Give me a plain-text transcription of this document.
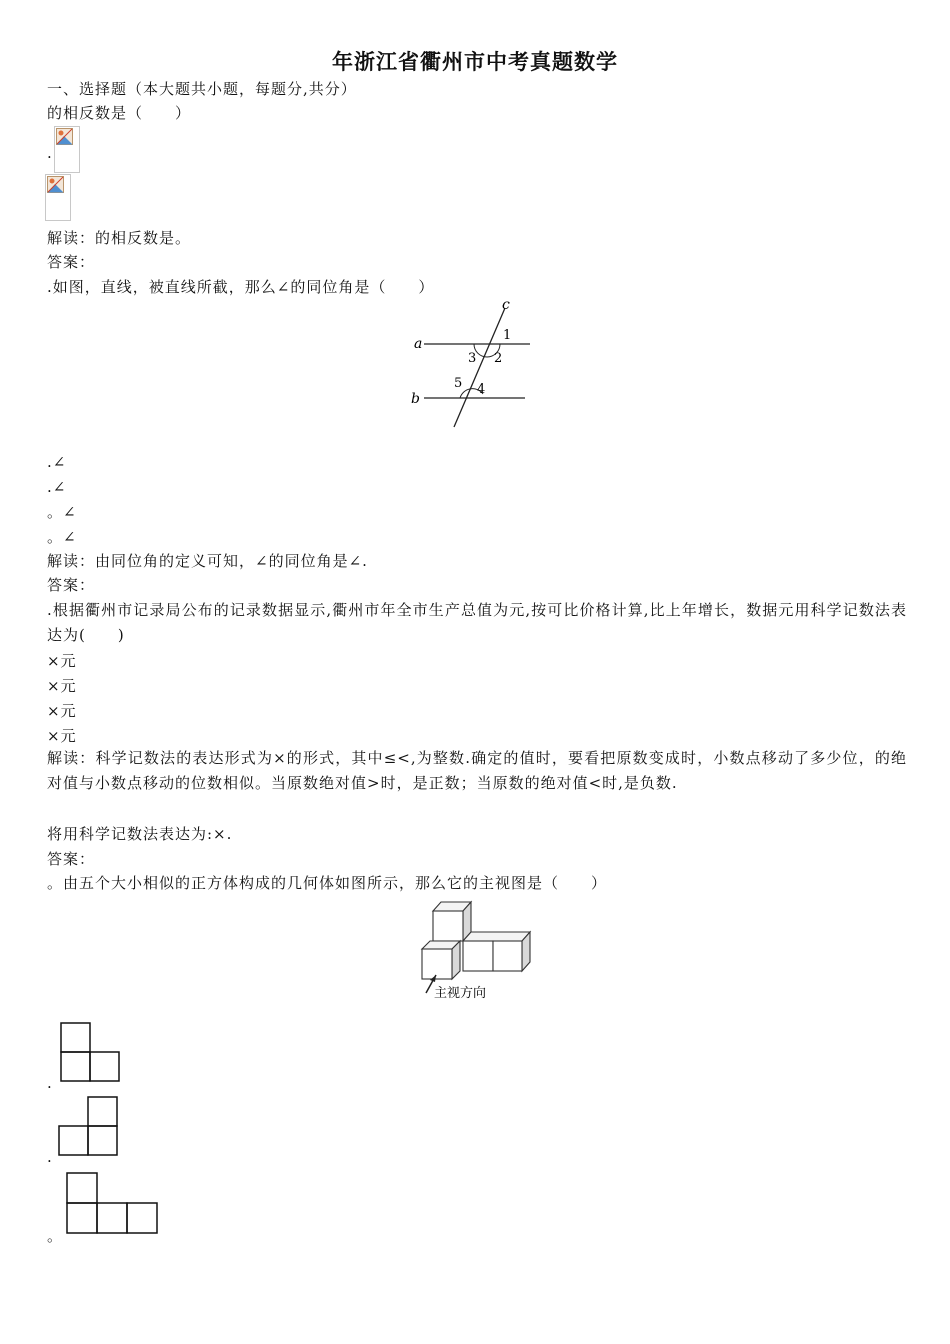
年浙江省衢州市中考真题数学
一、选择题（本大题共小题，每题分,共分）
的相反数是（　　）
.
解读：的相反数是。
答案：
.如图，直线，被直线所截，那么∠的同位角是（　　）
c
a
b
1
2
3
4
5
.∠
.∠
。∠
。∠
解读：由同位角的定义可知，∠的同位角是∠.
答案：
.根据衢州市记录局公布的记录数据显示,衢州市年全市生产总值为元,按可比价格计算,比上年增长，数据元用科学记数法表达为(　　)
×元
×元
×元
×元
解读：科学记数法的表达形式为×的形式，其中≤<,为整数.确定的值时，要看把原数变成时，小数点移动了多少位，的绝对值与小数点移动的位数相似。当原数绝对值>时，是正数；当原数的绝对值<时,是负数.
将用科学记数法表达为:×.
答案：
。由五个大小相似的正方体构成的几何体如图所示，那么它的主视图是（　　）
主视方向
.
.
。
